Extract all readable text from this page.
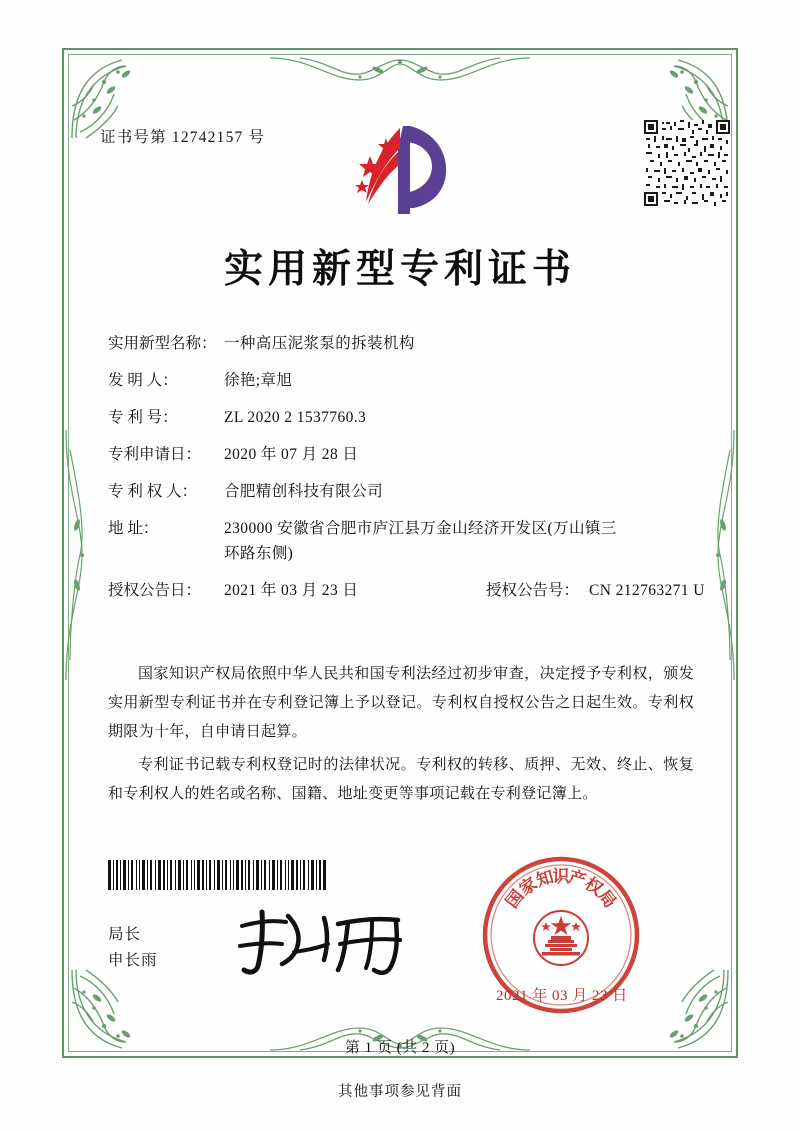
证书号第 12742157 号
实用新型专利证书
实用新型名称： 一种高压泥浆泵的拆装机构
发 明 人：	徐艳;章旭
专 利 号：	ZL 2020 2 1537760.3
专利申请日：	2020 年 07 月 28 日
专 利 权 人：	合肥精创科技有限公司
地 址：	230000 安徽省合肥市庐江县万金山经济开发区(万山镇三
环路东侧)
授权公告日：	2021 年 03 月 23 日	授权公告号： CN 212763271 U

国家知识产权局依照中华人民共和国专利法经过初步审查，决定授予专利权，颁发实用新型专利证书并在专利登记簿上予以登记。专利权自授权公告之日起生效。专利权期限为十年，自申请日起算。

专利证书记载专利权登记时的法律状况。专利权的转移、质押、无效、终止、恢复和专利权人的姓名或名称、国籍、地址变更等事项记载在专利登记簿上。

局长
申长雨
国
家
知
识
产
权
局
2021 年 03 月 23 日
第 1 页 (共 2 页)
其他事项参见背面
